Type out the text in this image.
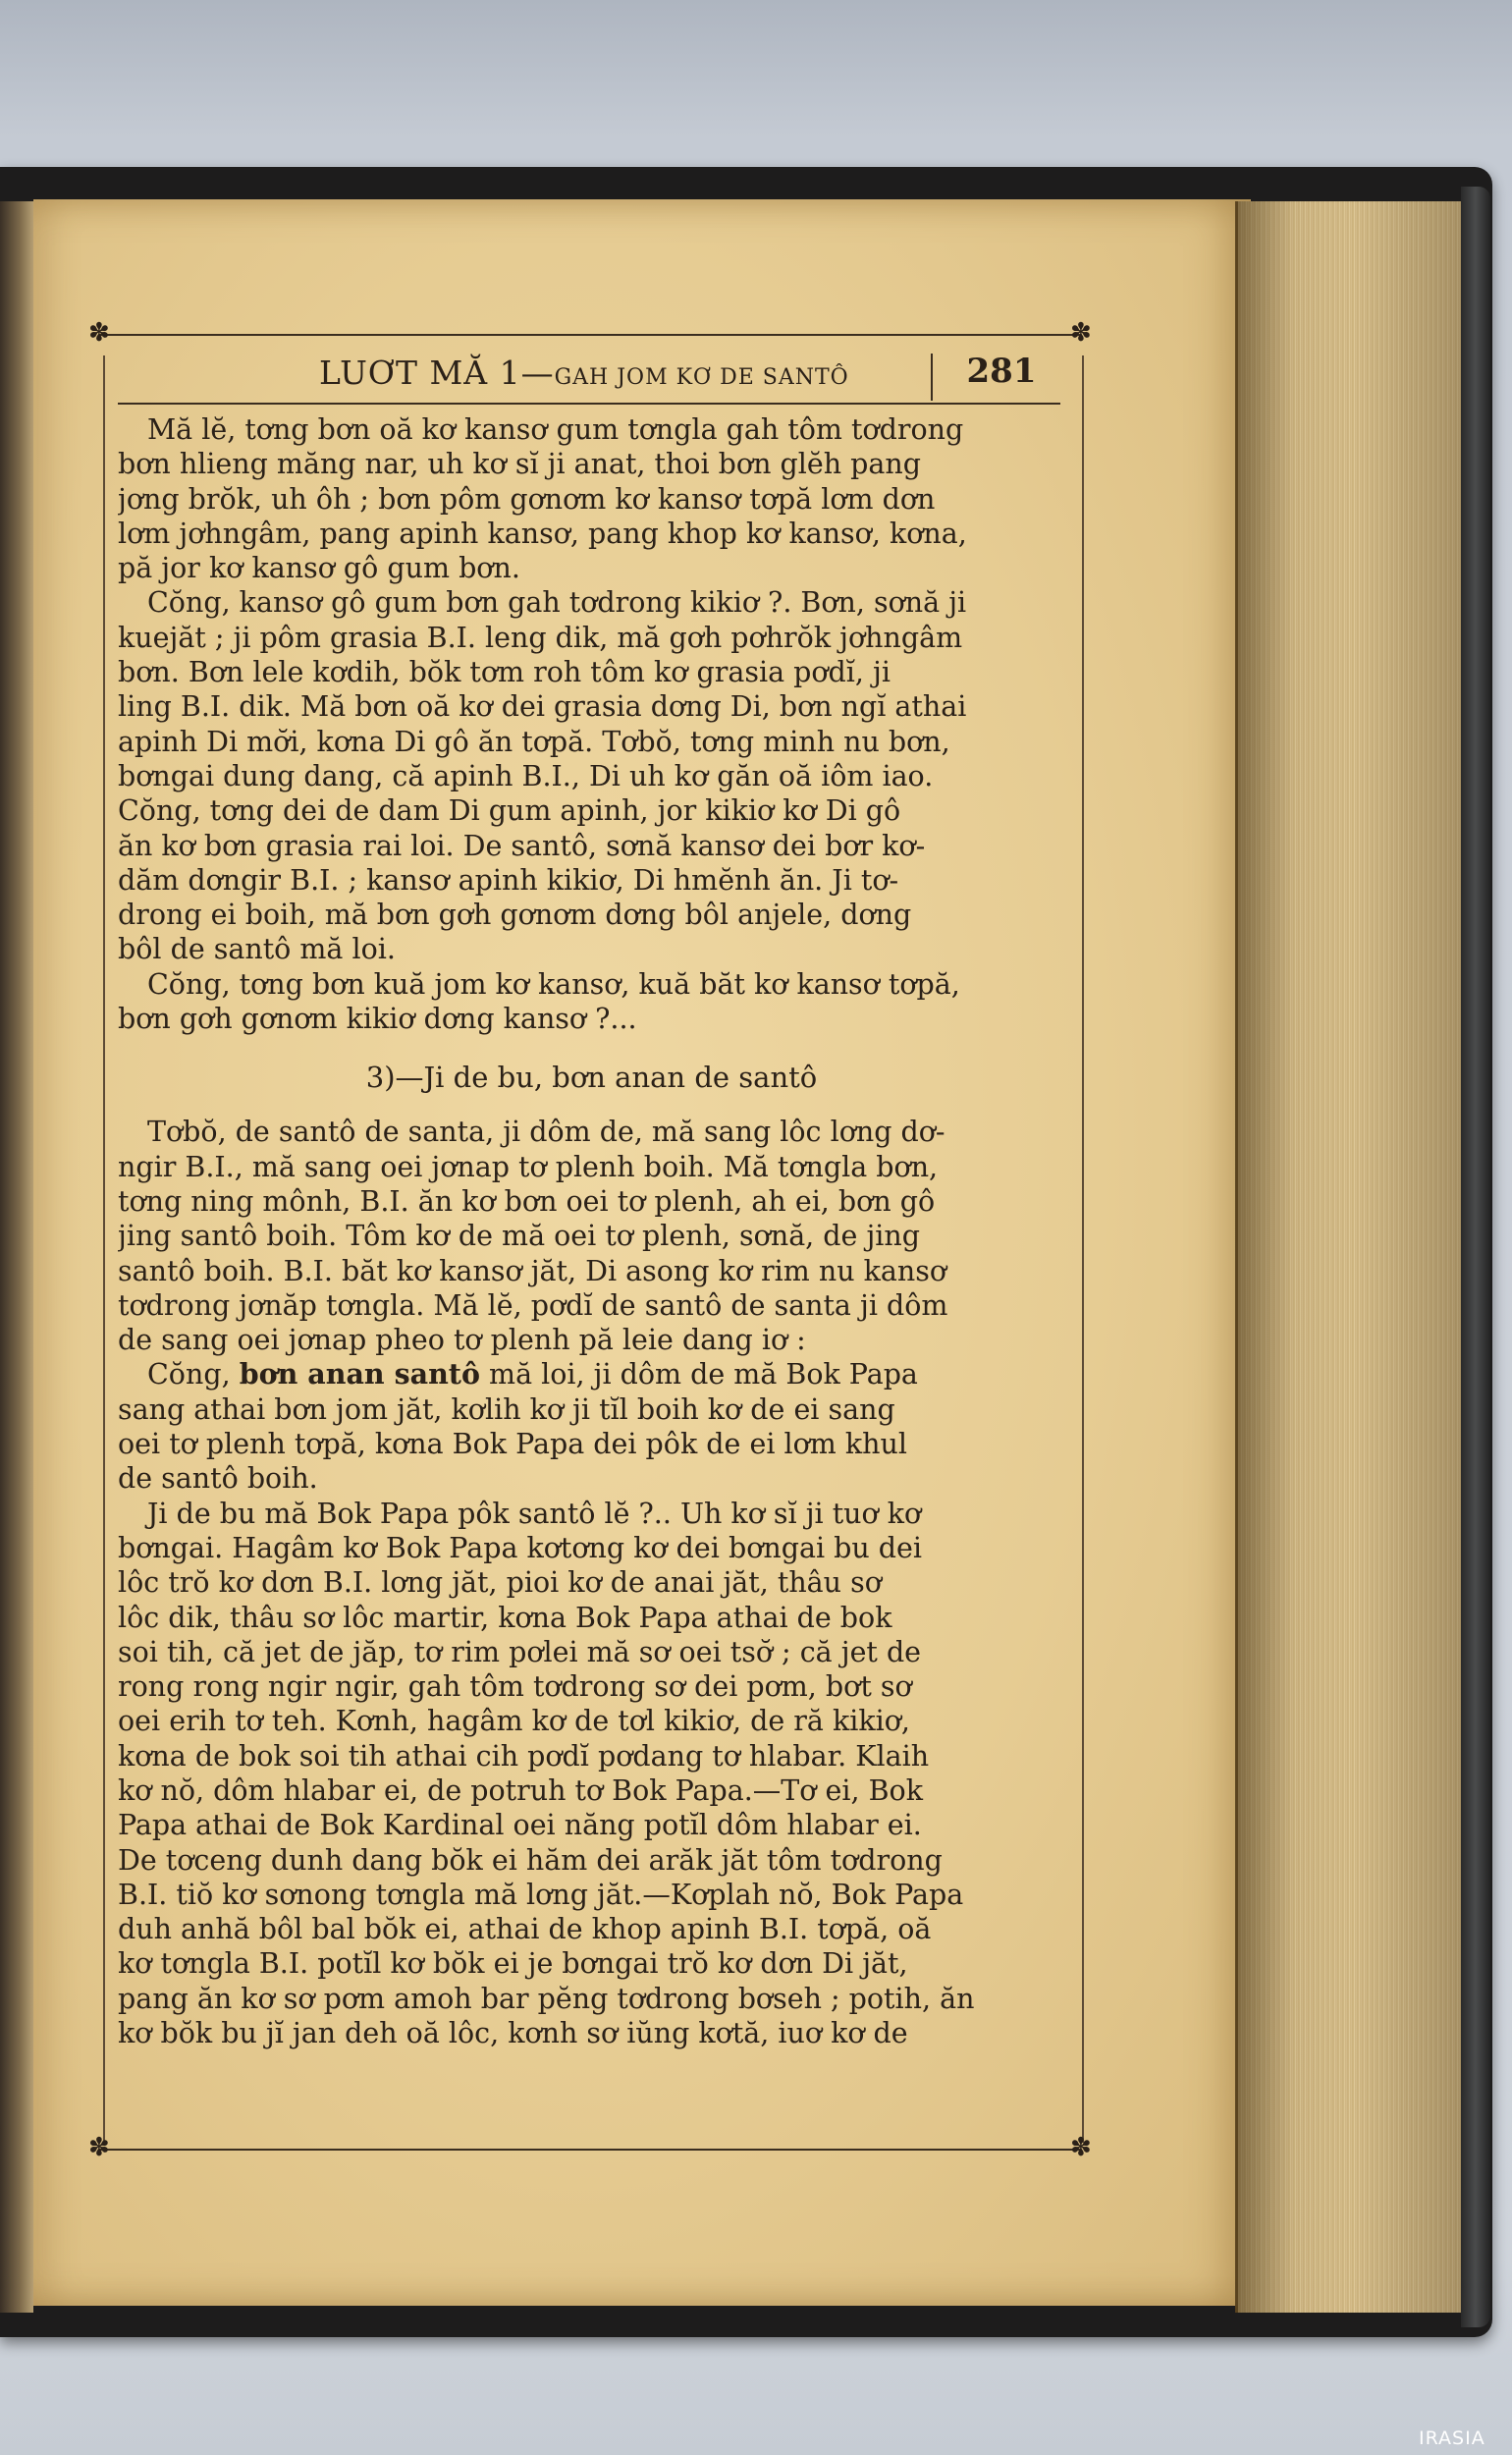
✽	✽
✽	✽
LUƠT MĂ 1—GAH JOM KƠ DE SANTÔ	281
Mă lĕ, tơng bơn oă kơ kansơ gum tơngla gah tôm tơdrong
bơn hlieng măng nar, uh kơ sĭ ji anat, thoi bơn glĕh pang
jơng brŏk, uh ôh ; bơn pôm gơnơm kơ kansơ tơpă lơm dơn
lơm jơhngâm, pang apinh kansơ, pang khop kơ kansơ, kơna,
pă jor kơ kansơ gô gum bơn.
Cŏng, kansơ gô gum bơn gah tơdrong kikiơ ?. Bơn, sơnă ji
kuejăt ; ji pôm grasia B.I. leng dik, mă gơh pơhrŏk jơhngâm
bơn. Bơn lele kơdih, bŏk tơm roh tôm kơ grasia pơdĭ, ji
ling B.I. dik. Mă bơn oă kơ dei grasia dơng Di, bơn ngĭ athai
apinh Di mơ̆i, kơna Di gô ăn tơpă. Tơbŏ, tơng minh nu bơn,
bơngai dung dang, că apinh B.I., Di uh kơ găn oă iôm iao.
Cŏng, tơng dei de dam Di gum apinh, jor kikiơ kơ Di gô
ăn kơ bơn grasia rai loi. De santô, sơnă kansơ dei bơr kơ-
dăm dơngir B.I. ; kansơ apinh kikiơ, Di hmĕnh ăn. Ji tơ-
drong ei boih, mă bơn gơh gơnơm dơng bôl anjele, dơng
bôl de santô mă loi.
Cŏng, tơng bơn kuă jom kơ kansơ, kuă băt kơ kansơ tơpă,
bơn gơh gơnơm kikiơ dơng kansơ ?...
3)—Ji de bu, bơn anan de santô
Tơbŏ, de santô de santa, ji dôm de, mă sang lôc lơng dơ-
ngir B.I., mă sang oei jơnap tơ plenh boih. Mă tơngla bơn,
tơng ning mônh, B.I. ăn kơ bơn oei tơ plenh, ah ei, bơn gô
jing santô boih. Tôm kơ de mă oei tơ plenh, sơnă, de jing
santô boih. B.I. băt kơ kansơ jăt, Di asong kơ rim nu kansơ
tơdrong jơnăp tơngla. Mă lĕ, pơdĭ de santô de santa ji dôm
de sang oei jơnap pheo tơ plenh pă leie dang iơ :
Cŏng, bơn anan santô mă loi, ji dôm de mă Bok Papa
sang athai bơn jom jăt, kơlih kơ ji tĭl boih kơ de ei sang
oei tơ plenh tơpă, kơna Bok Papa dei pôk de ei lơm khul
de santô boih.
Ji de bu mă Bok Papa pôk santô lĕ ?.. Uh kơ sĭ ji tuơ kơ
bơngai. Hagâm kơ Bok Papa kơtơng kơ dei bơngai bu dei
lôc trŏ kơ dơn B.I. lơng jăt, pioi kơ de anai jăt, thâu sơ
lôc dik, thâu sơ lôc martir, kơna Bok Papa athai de bok
soi tih, că jet de jăp, tơ rim pơlei mă sơ oei tsơ̆ ; că jet de
rong rong ngir ngir, gah tôm tơdrong sơ dei pơm, bơt sơ
oei erih tơ teh. Kơnh, hagâm kơ de tơl kikiơ, de ră kikiơ,
kơna de bok soi tih athai cih pơdĭ pơdang tơ hlabar. Klaih
kơ nŏ, dôm hlabar ei, de potruh tơ Bok Papa.—Tơ ei, Bok
Papa athai de Bok Kardinal oei năng potĭl dôm hlabar ei.
De tơceng dunh dang bŏk ei hăm dei arăk jăt tôm tơdrong
B.I. tiŏ kơ sơnong tơngla mă lơng jăt.—Kơplah nŏ, Bok Papa
duh anhă bôl bal bŏk ei, athai de khop apinh B.I. tơpă, oă
kơ tơngla B.I. potĭl kơ bŏk ei je bơngai trŏ kơ dơn Di jăt,
pang ăn kơ sơ pơm amoh bar pĕng tơdrong bơseh ; potih, ăn
kơ bŏk bu jĭ jan deh oă lôc, kơnh sơ iŭng kơtă, iuơ kơ de
IRASIA
